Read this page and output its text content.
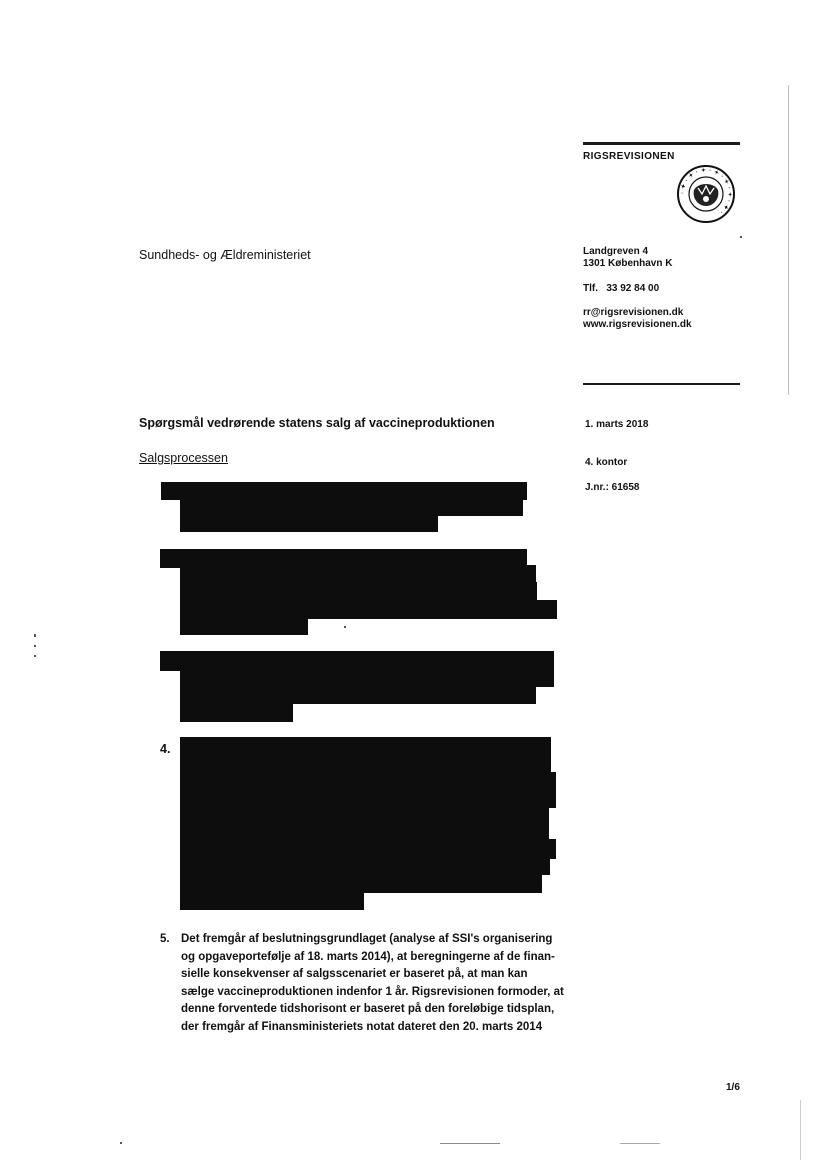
RIGSREVISIONEN
· ✦ · ✦ · ✦ · ✦ · ✦ · ✦ · ✦ ·
Landgreven 4
1301 København K
Tlf.   33 92 84 00
rr@rigsrevisionen.dk
www.rigsrevisionen.dk
Sundheds- og Ældreministeriet
1. marts 2018
4. kontor
J.nr.: 61658
Spørgsmål vedrørende statens salg af vaccineproduktionen
Salgsprocessen
4.
5. Det fremgår af beslutningsgrundlaget (analyse af SSI's organisering
og opgaveportefølje af 18. marts 2014), at beregningerne af de finan-
sielle konsekvenser af salgsscenariet er baseret på, at man kan
sælge vaccineproduktionen indenfor 1 år. Rigsrevisionen formoder, at
denne forventede tidshorisont er baseret på den foreløbige tidsplan,
der fremgår af Finansministeriets notat dateret den 20. marts 2014
1/6
